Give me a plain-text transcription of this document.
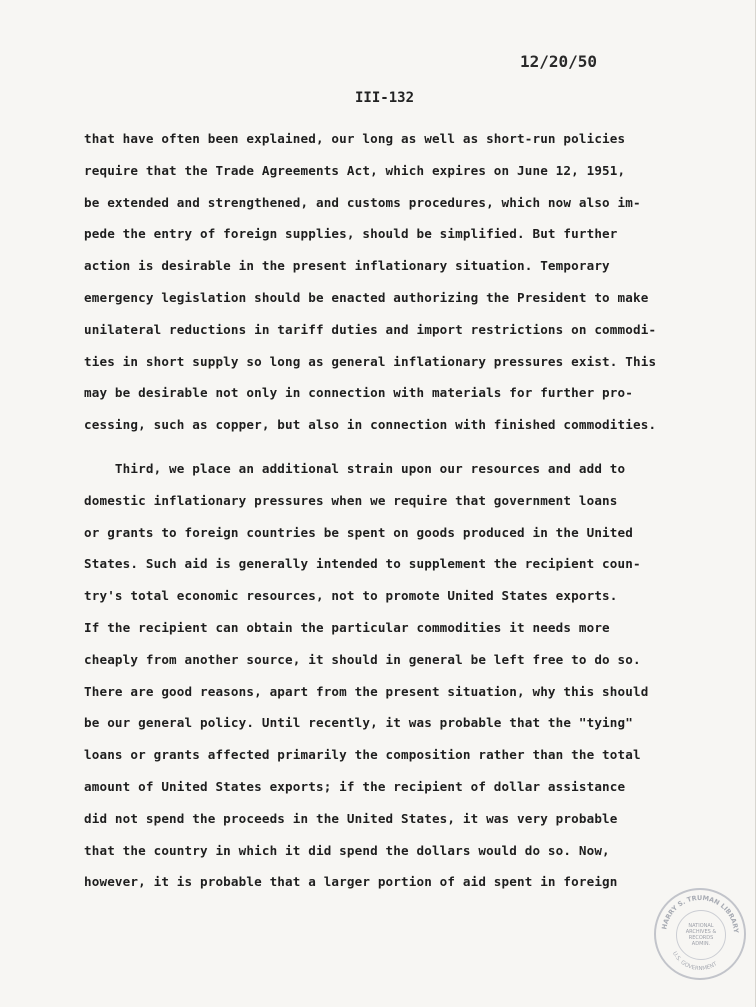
12/20/50
III-132
that have often been explained, our long as well as short-run policies
require that the Trade Agreements Act, which expires on June 12, 1951,
be extended and strengthened, and customs procedures, which now also im-
pede the entry of foreign supplies, should be simplified. But further
action is desirable in the present inflationary situation. Temporary
emergency legislation should be enacted authorizing the President to make
unilateral reductions in tariff duties and import restrictions on commodi-
ties in short supply so long as general inflationary pressures exist. This
may be desirable not only in connection with materials for further pro-
cessing, such as copper, but also in connection with finished commodities.
Third, we place an additional strain upon our resources and add to
domestic inflationary pressures when we require that government loans
or grants to foreign countries be spent on goods produced in the United
States. Such aid is generally intended to supplement the recipient coun-
try's total economic resources, not to promote United States exports.
If the recipient can obtain the particular commodities it needs more
cheaply from another source, it should in general be left free to do so.
There are good reasons, apart from the present situation, why this should
be our general policy. Until recently, it was probable that the "tying"
loans or grants affected primarily the composition rather than the total
amount of United States exports; if the recipient of dollar assistance
did not spend the proceeds in the United States, it was very probable
that the country in which it did spend the dollars would do so. Now,
however, it is probable that a larger portion of aid spent in foreign
HARRY S. TRUMAN LIBRARY
U.S. GOVERNMENT
NATIONAL
ARCHIVES &
RECORDS
ADMIN.
